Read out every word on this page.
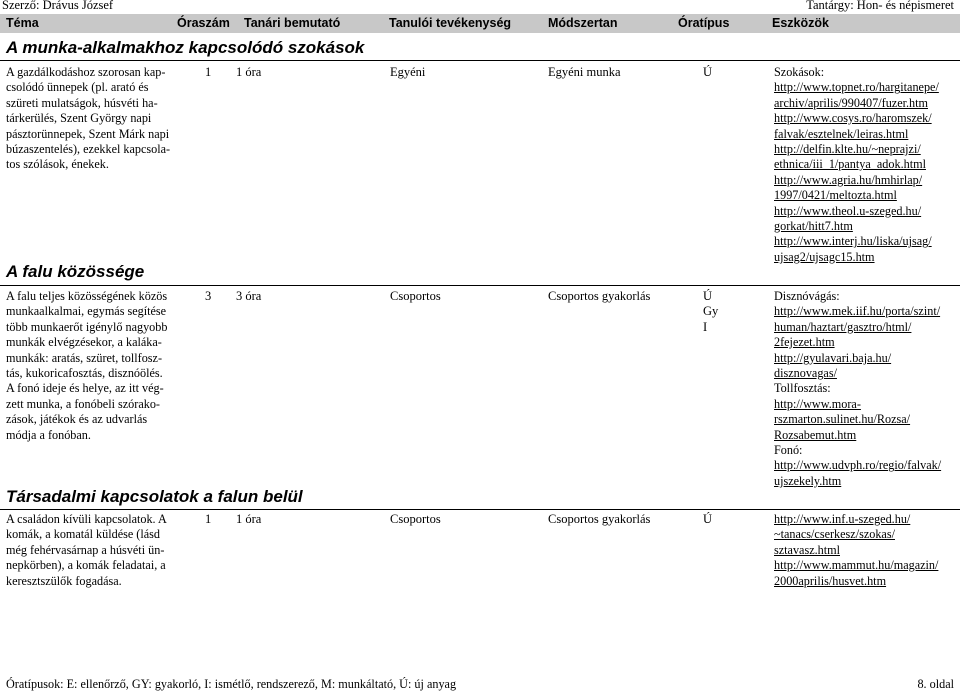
Szerző: Drávus József	Tantárgy: Hon- és népismeret
Téma	Óraszám Tanári bemutató	Tanulói tevékenység	Módszertan	Óratípus	Eszközök
A munka-alkalmakhoz kapcsolódó szokások
A gazdálkodáshoz szorosan kap-
csolódó ünnepek (pl. arató és
szüreti mulatságok, húsvéti ha-
tárkerülés, Szent György napi
pásztorünnepek, Szent Márk napi
búzaszentelés), ezekkel kapcsola-
tos szólások, énekek.
1 1 óra	Egyéni	Egyéni munka	Ú	Szokások:
http://www.topnet.ro/hargitanepe/
archiv/aprilis/990407/fuzer.htm
http://www.cosys.ro/haromszek/
falvak/esztelnek/leiras.html
http://delfin.klte.hu/~neprajzi/
ethnica/iii_1/pantya_adok.html
http://www.agria.hu/hmhirlap/
1997/0421/meltozta.html
http://www.theol.u-szeged.hu/
gorkat/hitt7.htm
http://www.interj.hu/liska/ujsag/
ujsag2/ujsagc15.htm
A falu közössége
A falu teljes közösségének közös
munkaalkalmai, egymás segítése
több munkaerőt igénylő nagyobb
munkák elvégzésekor, a kaláka-
munkák: aratás, szüret, tollfosz-
tás, kukoricafosztás, disznóölés.
A fonó ideje és helye, az itt vég-
zett munka, a fonóbeli szórako-
zások, játékok és az udvarlás
módja a fonóban.
3 3 óra	Csoportos	Csoportos gyakorlás	Ú
Gy
I
Disznóvágás:
http://www.mek.iif.hu/porta/szint/
human/haztart/gasztro/html/
2fejezet.htm
http://gyulavari.baja.hu/
disznovagas/
Tollfosztás:
http://www.mora-
rszmarton.sulinet.hu/Rozsa/
Rozsabemut.htm
Fonó:
http://www.udvph.ro/regio/falvak/
ujszekely.htm
Társadalmi kapcsolatok a falun belül
A családon kívüli kapcsolatok. A
komák, a komatál küldése (lásd
még fehérvasárnap a húsvéti ün-
nepkörben), a komák feladatai, a
keresztszülők fogadása.
1 1 óra	Csoportos	Csoportos gyakorlás	Ú	http://www.inf.u-szeged.hu/
~tanacs/cserkesz/szokas/
sztavasz.html
http://www.mammut.hu/magazin/
2000aprilis/husvet.htm
Óratípusok: E: ellenőrző, GY: gyakorló, I: ismétlő, rendszerező, M: munkáltató, Ú: új anyag	8. oldal
